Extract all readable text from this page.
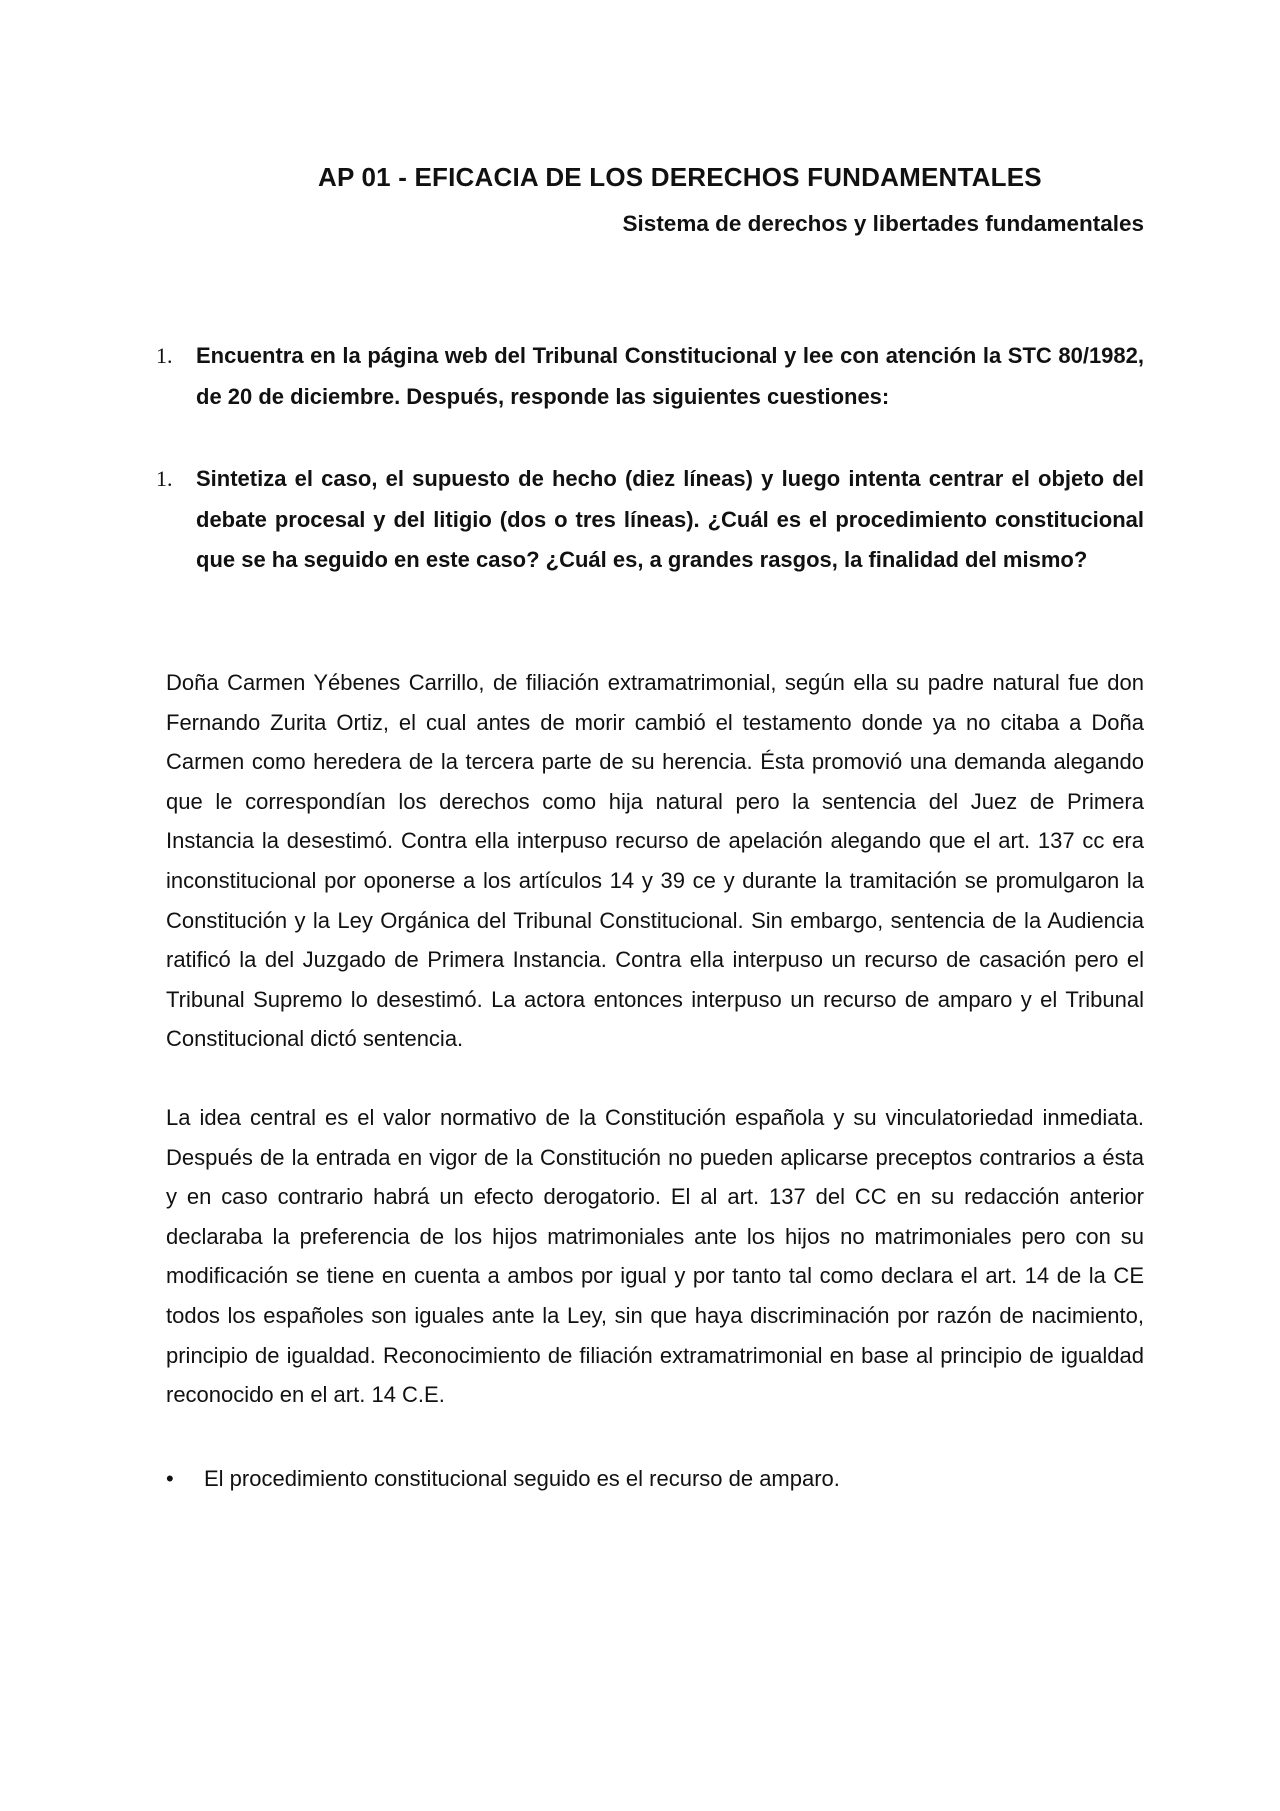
AP 01 - EFICACIA DE LOS DERECHOS FUNDAMENTALES
Sistema de derechos y libertades fundamentales
1. Encuentra en la página web del Tribunal Constitucional y lee con atención la STC 80/1982, de 20 de diciembre. Después, responde las siguientes cuestiones:
1. Sintetiza el caso, el supuesto de hecho (diez líneas) y luego intenta centrar el objeto del debate procesal y del litigio (dos o tres líneas). ¿Cuál es el procedimiento constitucional que se ha seguido en este caso? ¿Cuál es, a grandes rasgos, la finalidad del mismo?

Doña Carmen Yébenes Carrillo, de filiación extramatrimonial, según ella su padre natural fue don Fernando Zurita Ortiz, el cual antes de morir cambió el testamento donde ya no citaba a Doña Carmen como heredera de la tercera parte de su herencia. Ésta promovió una demanda alegando que le correspondían los derechos como hija natural pero la sentencia del Juez de Primera Instancia la desestimó. Contra ella interpuso recurso de apelación alegando que el art. 137 cc era inconstitucional por oponerse a los artículos 14 y 39 ce y durante la tramitación se promulgaron la Constitución y la Ley Orgánica del Tribunal Constitucional. Sin embargo, sentencia de la Audiencia ratificó la del Juzgado de Primera Instancia. Contra ella interpuso un recurso de casación pero el Tribunal Supremo lo desestimó. La actora entonces interpuso un recurso de amparo y el Tribunal Constitucional dictó sentencia.

La idea central es el valor normativo de la Constitución española y su vinculatoriedad inmediata. Después de la entrada en vigor de la Constitución no pueden aplicarse preceptos contrarios a ésta y en caso contrario habrá un efecto derogatorio. El al art. 137 del CC en su redacción anterior declaraba la preferencia de los hijos matrimoniales ante los hijos no matrimoniales pero con su modificación se tiene en cuenta a ambos por igual y por tanto tal como declara el art. 14 de la CE todos los españoles son iguales ante la Ley, sin que haya discriminación por razón de nacimiento, principio de igualdad. Reconocimiento de filiación extramatrimonial en base al principio de igualdad reconocido en el art. 14 C.E.

• El procedimiento constitucional seguido es el recurso de amparo.
